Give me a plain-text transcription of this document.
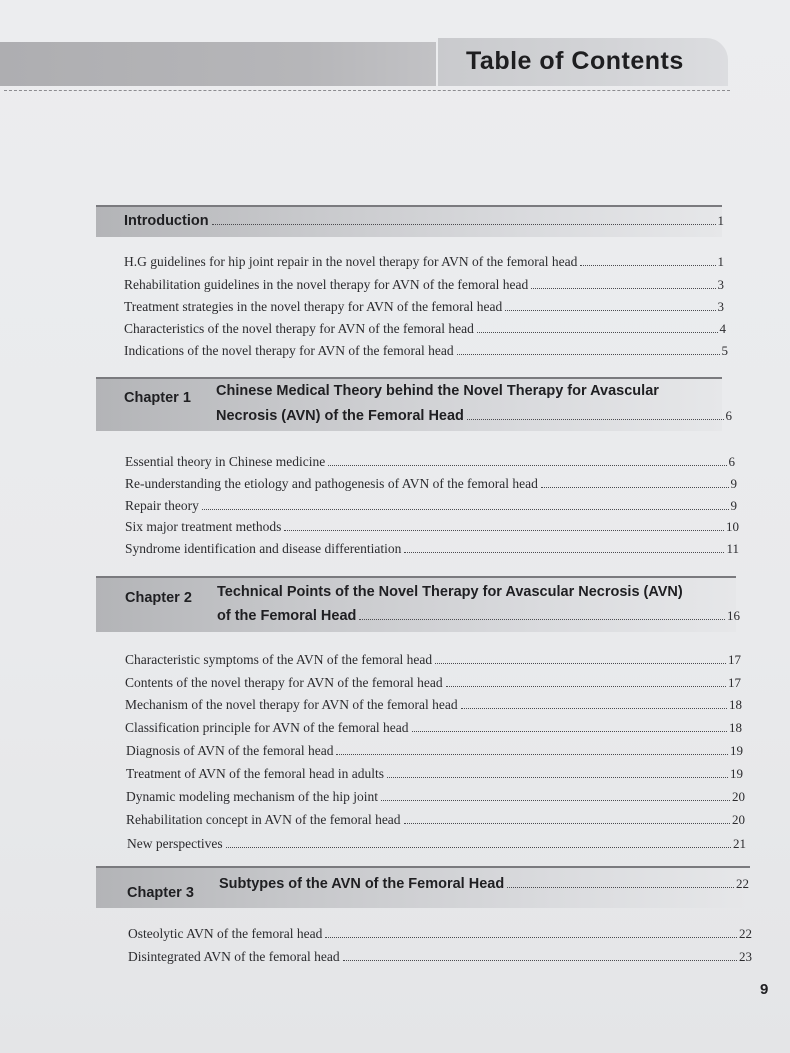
Table of Contents
Introduction	1
H.G guidelines for hip joint repair in the novel therapy for AVN of the femoral head	1
Rehabilitation guidelines in the novel therapy for AVN of the femoral head	3
Treatment strategies in the novel therapy for AVN of the femoral head	3
Characteristics of the novel therapy for AVN of the femoral head	4
Indications of the novel therapy for AVN of the femoral head	5
Chapter 1 Chinese Medical Theory behind the Novel Therapy for Avascular
Necrosis (AVN) of the Femoral Head	6
Essential theory in Chinese medicine	6
Re-understanding the etiology and pathogenesis of AVN of the femoral head	9
Repair theory	9
Six major treatment methods	10
Syndrome identification and disease differentiation	11
Chapter 2 Technical Points of the Novel Therapy for Avascular Necrosis (AVN)
of the Femoral Head	16
Characteristic symptoms of the AVN of the femoral head	17
Contents of the novel therapy for AVN of the femoral head	17
Mechanism of the novel therapy for AVN of the femoral head	18
Classification principle for AVN of the femoral head	18
Diagnosis of AVN of the femoral head	19
Treatment of AVN of the femoral head in adults	19
Dynamic modeling mechanism of the hip joint	20
Rehabilitation concept in AVN of the femoral head	20
New perspectives	21
Chapter 3
Subtypes of the AVN of the Femoral Head	22
Osteolytic AVN of the femoral head	22
Disintegrated AVN of the femoral head	23
9
